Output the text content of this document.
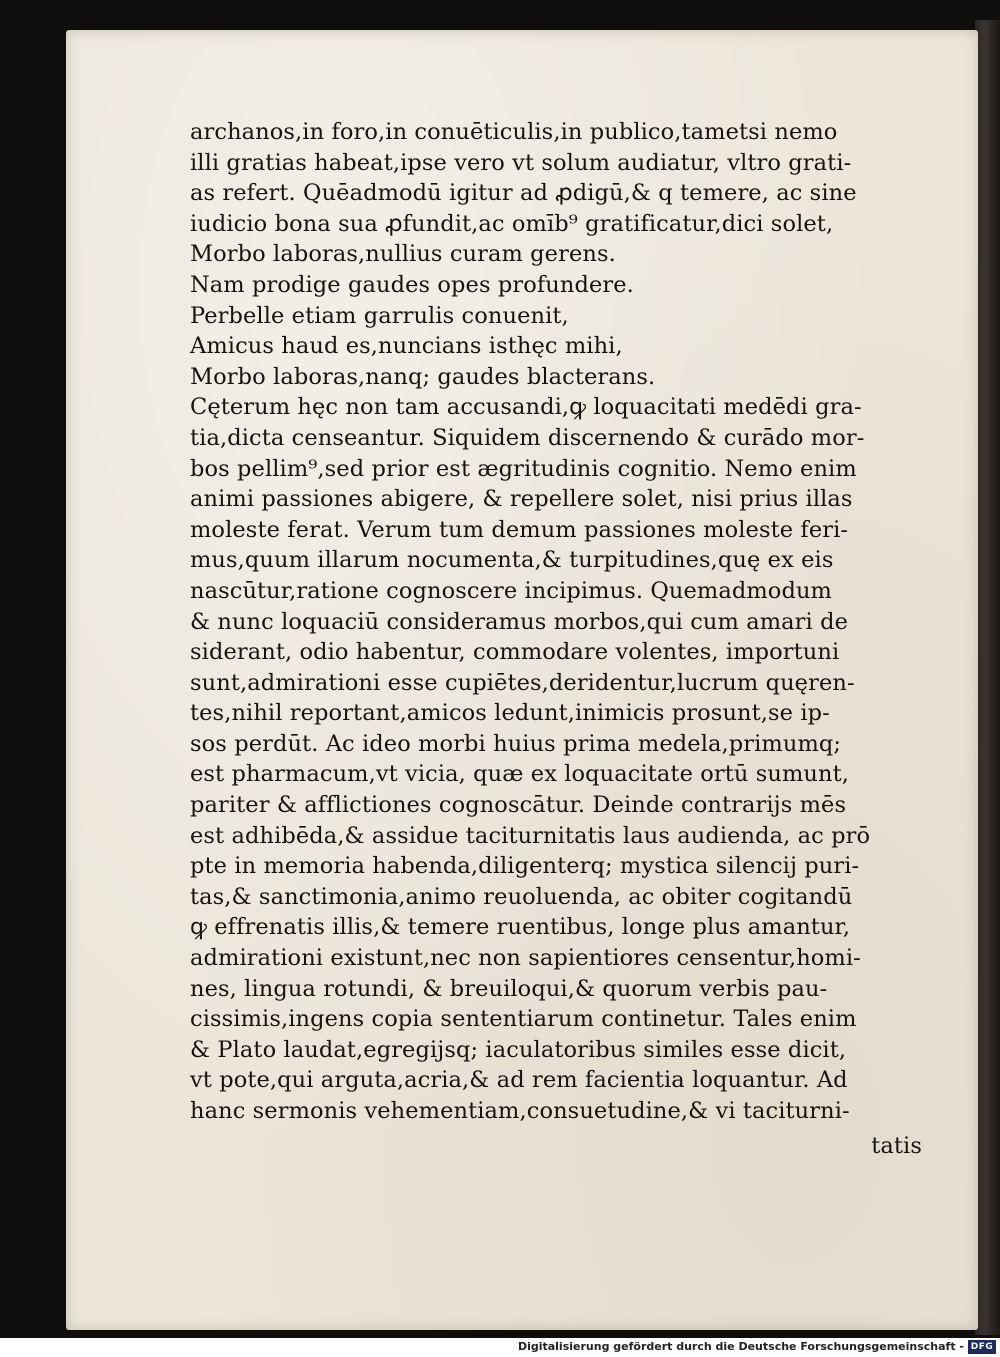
archanos,in foro,in conuēticulis,in publico,tametsi nemo
illi gratias habeat,ipse vero vt solum audiatur, vltro grati-
as refert. Quēadmodū igitur ad ꝓdigū,& q temere, ac sine
iudicio bona sua ꝓfundit,ac omīb⁹ gratificatur,dici solet,
Morbo laboras,nullius curam gerens.
Nam prodige gaudes opes profundere.
Perbelle etiam garrulis conuenit,
Amicus haud es,nuncians isthęc mihi,
Morbo laboras,nanq; gaudes blacterans.
Cęterum hęc non tam accusandi,ꝙ loquacitati medēdi gra-
tia,dicta censeantur. Siquidem discernendo & curādo mor-
bos pellim⁹,sed prior est ægritudinis cognitio. Nemo enim
animi passiones abigere, & repellere solet, nisi prius illas
moleste ferat. Verum tum demum passiones moleste feri-
mus,quum illarum nocumenta,& turpitudines,quę ex eis
nascūtur,ratione cognoscere incipimus. Quemadmodum
& nunc loquaciū consideramus morbos,qui cum amari de
siderant, odio habentur, commodare volentes, importuni
sunt,admirationi esse cupiētes,deridentur,lucrum quęren-
tes,nihil reportant,amicos ledunt,inimicis prosunt,se ip-
sos perdūt. Ac ideo morbi huius prima medela,primumq;
est pharmacum,vt vicia, quæ ex loquacitate ortū sumunt,
pariter & afflictiones cognoscātur. Deinde contrarijs mēs
est adhibēda,& assidue taciturnitatis laus audienda, ac prō
pte in memoria habenda,diligenterq; mystica silencij puri-
tas,& sanctimonia,animo reuoluenda, ac obiter cogitandū
ꝙ effrenatis illis,& temere ruentibus, longe plus amantur,
admirationi existunt,nec non sapientiores censentur,homi-
nes, lingua rotundi, & breuiloqui,& quorum verbis pau-
cissimis,ingens copia sententiarum continetur. Tales enim
& Plato laudat,egregijsq; iaculatoribus similes esse dicit,
vt pote,qui arguta,acria,& ad rem facientia loquantur. Ad
hanc sermonis vehementiam,consuetudine,& vi taciturni-
tatis
Digitalisierung gefördert durch die Deutsche Forschungsgemeinschaft - DFG
